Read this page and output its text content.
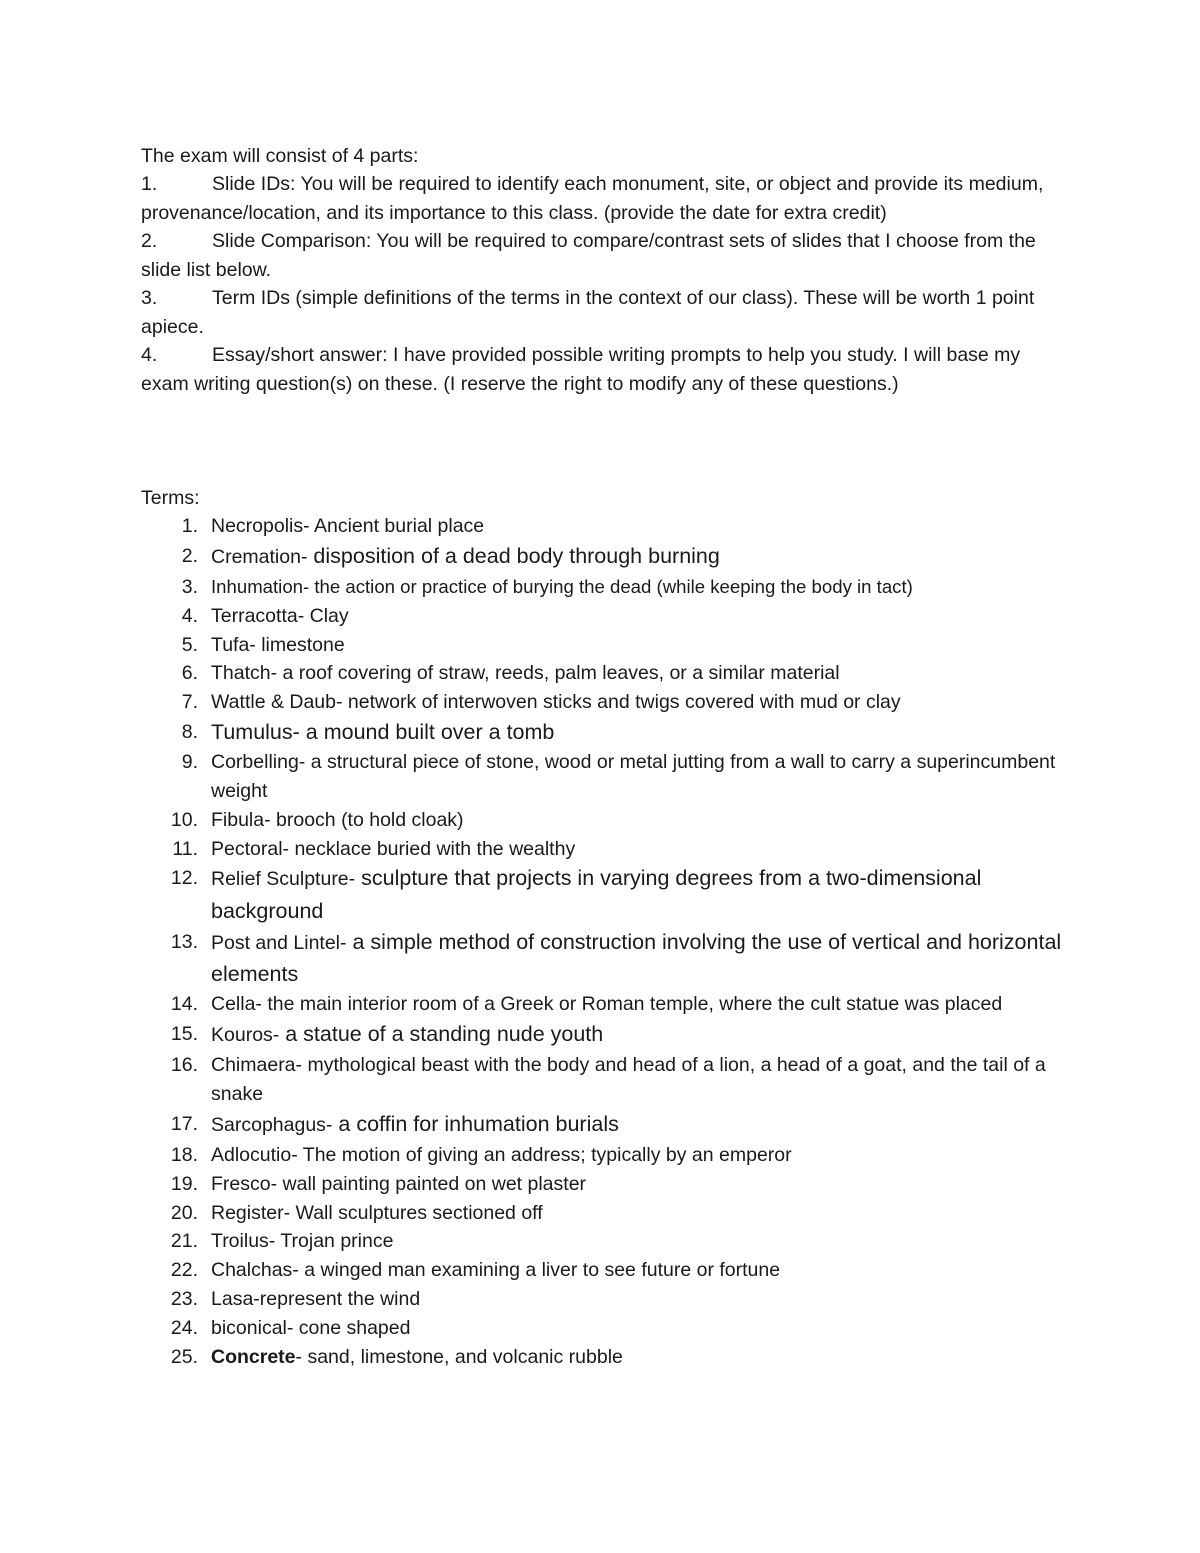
The exam will consist of 4 parts:

1.	Slide IDs: You will be required to identify each monument, site, or object and provide its medium, provenance/location, and its importance to this class. (provide the date for extra credit)
2.	Slide Comparison: You will be required to compare/contrast sets of slides that I choose from the slide list below.
3.	Term IDs (simple definitions of the terms in the context of our class). These will be worth 1 point apiece.
4.	Essay/short answer: I have provided possible writing prompts to help you study. I will base my exam writing question(s) on these. (I reserve the right to modify any of these questions.)

Terms:

1. Necropolis- Ancient burial place
2. Cremation- disposition of a dead body through burning
3. Inhumation- the action or practice of burying the dead (while keeping the body in tact)
4. Terracotta- Clay
5. Tufa- limestone
6. Thatch- a roof covering of straw, reeds, palm leaves, or a similar material
7. Wattle & Daub- network of interwoven sticks and twigs covered with mud or clay
8. Tumulus- a mound built over a tomb
9. Corbelling- a structural piece of stone, wood or metal jutting from a wall to carry a superincumbent weight
10. Fibula- brooch (to hold cloak)
11. Pectoral- necklace buried with the wealthy
12. Relief Sculpture- sculpture that projects in varying degrees from a two-dimensional background
13. Post and Lintel- a simple method of construction involving the use of vertical and horizontal elements
14. Cella- the main interior room of a Greek or Roman temple, where the cult statue was placed
15. Kouros- a statue of a standing nude youth
16. Chimaera- mythological beast with the body and head of a lion, a head of a goat, and the tail of a snake
17. Sarcophagus- a coffin for inhumation burials
18. Adlocutio- The motion of giving an address; typically by an emperor
19. Fresco- wall painting painted on wet plaster
20. Register- Wall sculptures sectioned off
21. Troilus- Trojan prince
22. Chalchas- a winged man examining a liver to see future or fortune
23. Lasa-represent the wind
24. biconical- cone shaped
25. Concrete- sand, limestone, and volcanic rubble
